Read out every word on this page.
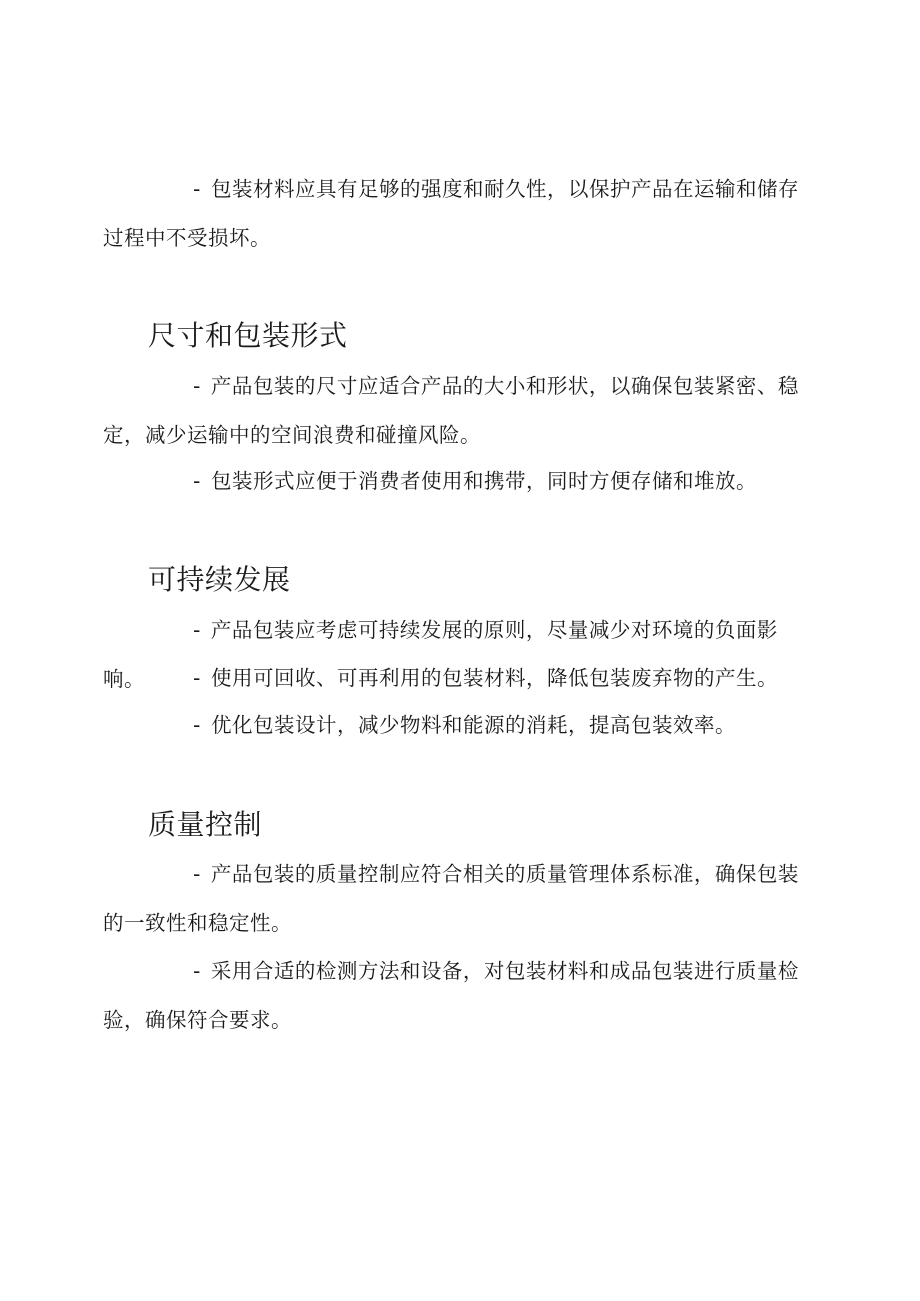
- 包装材料应具有足够的强度和耐久性，以保护产品在运输和储存过程中不受损坏。

尺寸和包装形式

- 产品包装的尺寸应适合产品的大小和形状，以确保包装紧密、稳定，减少运输中的空间浪费和碰撞风险。

- 包装形式应便于消费者使用和携带，同时方便存储和堆放。

可持续发展

- 产品包装应考虑可持续发展的原则，尽量减少对环境的负面影响。	- 使用可回收、可再利用的包装材料，降低包装废弃物的产生。

- 优化包装设计，减少物料和能源的消耗，提高包装效率。

质量控制

- 产品包装的质量控制应符合相关的质量管理体系标准，确保包装的一致性和稳定性。

- 采用合适的检测方法和设备，对包装材料和成品包装进行质量检验，确保符合要求。
